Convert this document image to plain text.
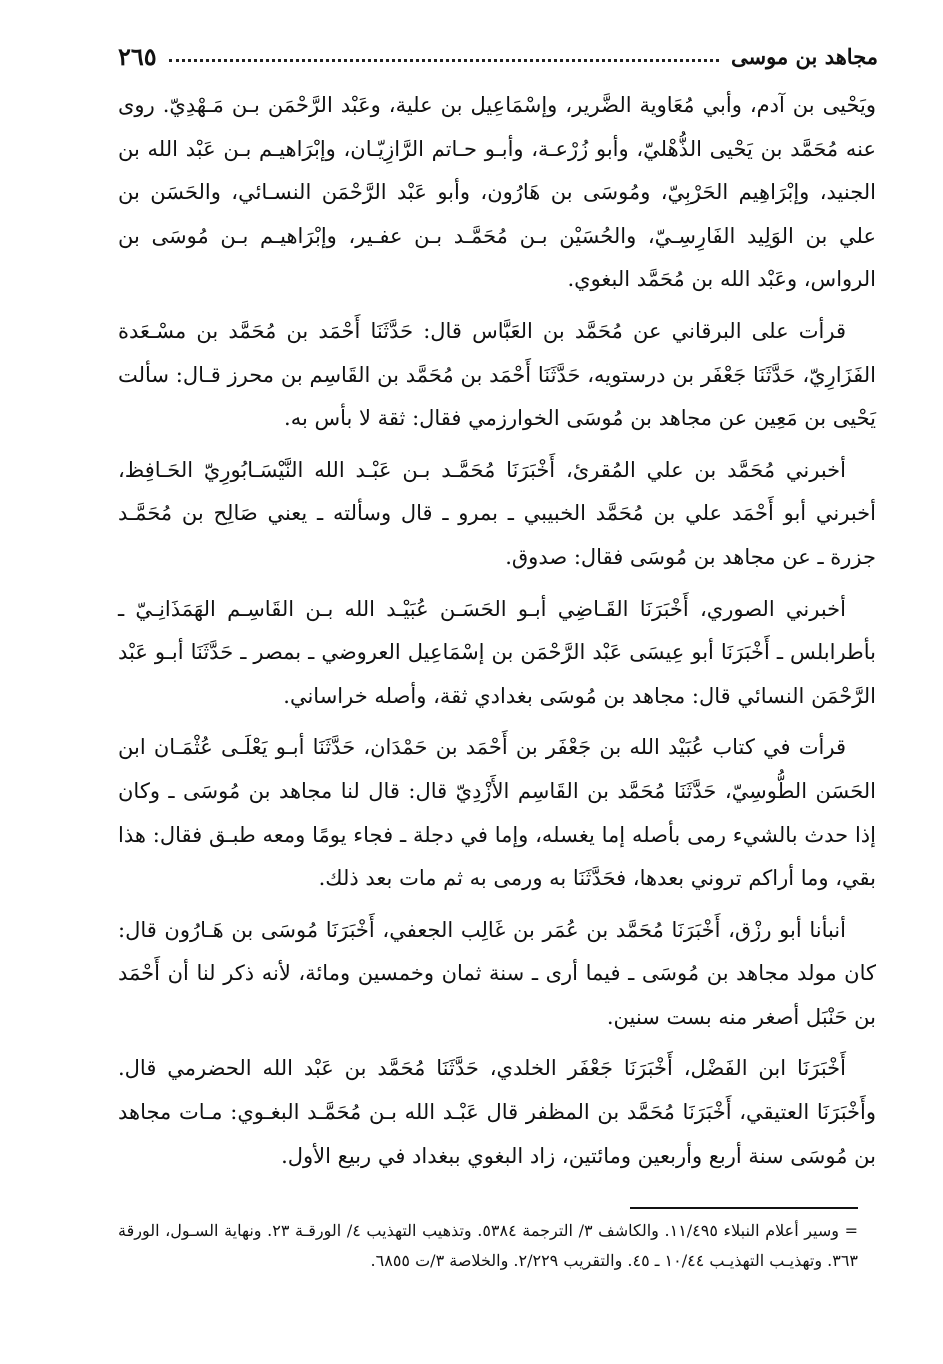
مجاهد بن موسى
٢٦٥

ويَحْيى بن آدم، وأبي مُعَاوية الضَّرير، وإسْمَاعِيل بن علية، وعَبْد الرَّحْمَن بـن مَـهْدِيّ. روى عنه مُحَمَّد بن يَحْيى الذُّهْليّ، وأبو زُرْعـة، وأبـو حـاتم الرَّازِيّـان، وإبْرَاهيـم بـن عَبْد الله بن الجنيد، وإبْرَاهِيم الحَرْبِيّ، ومُوسَى بن هَارُون، وأبو عَبْد الرَّحْمَن النسـائي، والحَسَن بن علي بن الوَلِيد الفَارِسِـيّ، والحُسَيْن بـن مُحَمَّـد بـن عفـير، وإبْرَاهيـم بـن مُوسَى بن الرواس، وعَبْد الله بن مُحَمَّد البغوي.

قرأت على البرقاني عن مُحَمَّد بن العَبَّاس قال: حَدَّثَنَا أَحْمَد بن مُحَمَّد بن مسْـعَدة الفَزَارِيّ، حَدَّثَنَا جَعْفَر بن درستويه، حَدَّثَنَا أَحْمَد بن مُحَمَّد بن القَاسِم بن محرز قـال: سألت يَحْيى بن مَعِين عن مجاهد بن مُوسَى الخوارزمي فقال: ثقة لا بأس به.

أخبرني مُحَمَّد بن علي المُقرئ، أَخْبَرَنَا مُحَمَّـد بـن عَبْـد الله النَّيْسَـابُورِيّ الحَـافِظ، أخبرني أبو أَحْمَد علي بن مُحَمَّد الخبيبي ـ بمرو ـ قال وسألته ـ يعني صَالِح بن مُحَمَّـد جزرة ـ عن مجاهد بن مُوسَى فقال: صدوق.

أخبرني الصوري، أَخْبَرَنَا القَـاضِي أبـو الحَسَـن عُبَيْـد الله بـن القَاسِـم الهَمَذَانِـيّ ـ بأطرابلس ـ أَخْبَرَنَا أبو عِيسَى عَبْد الرَّحْمَن بن إسْمَاعِيل العروضي ـ بمصر ـ حَدَّثَنَا أبـو عَبْد الرَّحْمَن النسائي قال: مجاهد بن مُوسَى بغدادي ثقة، وأصله خراساني.

قرأت في كتاب عُبَيْد الله بن جَعْفَر بن أَحْمَد بن حَمْدَان، حَدَّثَنَا أبـو يَعْلَـى عُثْمَـان ابن الحَسَن الطُّوسِيّ، حَدَّثَنَا مُحَمَّد بن القَاسِم الأَزْدِيّ قال: قال لنا مجاهد بن مُوسَى ـ وكان إذا حدث بالشيء رمى بأصله إما يغسله، وإما في دجلة ـ فجاء يومًا ومعه طبـق فقال: هذا بقي، وما أراكم تروني بعدها، فحَدَّثَنَا به ورمى به ثم مات بعد ذلك.

أنبأنا أبو رزْق، أَخْبَرَنَا مُحَمَّد بن عُمَر بن غَالِب الجعفي، أَخْبَرَنَا مُوسَى بن هَـارُون قال: كان مولد مجاهد بن مُوسَى ـ فيما أرى ـ سنة ثمان وخمسين ومائة، لأنه ذكر لنا أن أَحْمَد بن حَنْبَل أصغر منه بست سنين.

أَخْبَرَنَا ابن الفَضْل، أَخْبَرَنَا جَعْفَر الخلدي، حَدَّثَنَا مُحَمَّد بن عَبْد الله الحضرمي قال. وأَخْبَرَنَا العتيقي، أَخْبَرَنَا مُحَمَّد بن المظفر قال عَبْـد الله بـن مُحَمَّـد البغـوي: مـات مجاهد بن مُوسَى سنة أربع وأربعين ومائتين، زاد البغوي ببغداد في ربيع الأول.

= وسير أعلام النبلاء ١١/٤٩٥. والكاشف ٣/ الترجمة ٥٣٨٤. وتذهيب التهذيب ٤/ الورقـة ٢٣. ونهاية السـول، الورقة ٣٦٣. وتهذيـب التهذيـب ١٠/٤٤ ـ ٤٥. والتقريب ٢/٢٢٩. والخلاصة ٣/ت ٦٨٥٥.
